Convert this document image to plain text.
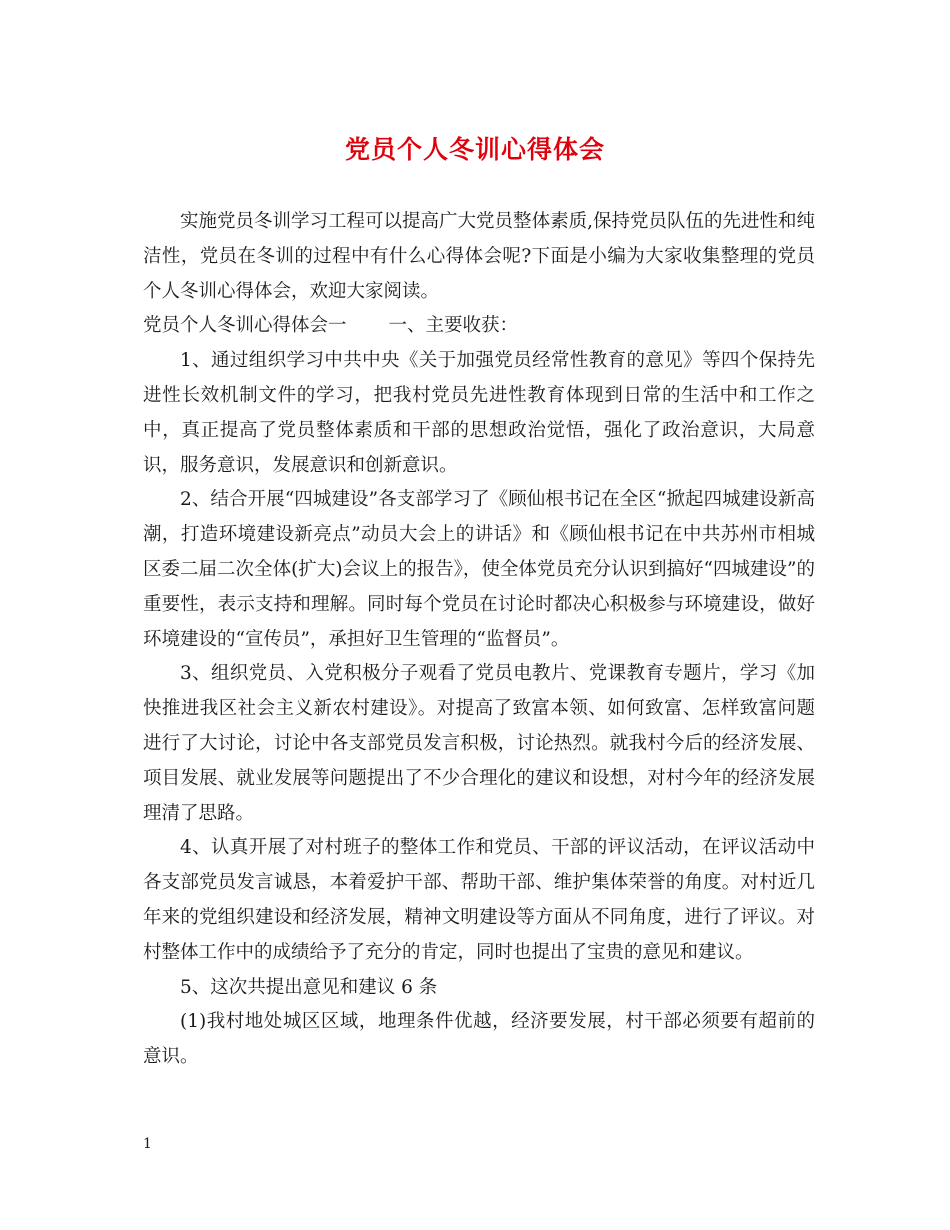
党员个人冬训心得体会

实施党员冬训学习工程可以提高广大党员整体素质,保持党员队伍的先进性和纯洁性，党员在冬训的过程中有什么心得体会呢?下面是小编为大家收集整理的党员个人冬训心得体会，欢迎大家阅读。

党员个人冬训心得体会一 一、主要收获：

1、通过组织学习中共中央《关于加强党员经常性教育的意见》等四个保持先进性长效机制文件的学习，把我村党员先进性教育体现到日常的生活中和工作之中，真正提高了党员整体素质和干部的思想政治觉悟，强化了政治意识，大局意识，服务意识，发展意识和创新意识。

2、结合开展“四城建设”各支部学习了《顾仙根书记在全区“掀起四城建设新高潮，打造环境建设新亮点”动员大会上的讲话》和《顾仙根书记在中共苏州市相城区委二届二次全体(扩大)会议上的报告》，使全体党员充分认识到搞好“四城建设”的重要性，表示支持和理解。同时每个党员在讨论时都决心积极参与环境建设，做好环境建设的“宣传员”，承担好卫生管理的“监督员”。

3、组织党员、入党积极分子观看了党员电教片、党课教育专题片，学习《加快推进我区社会主义新农村建设》。对提高了致富本领、如何致富、怎样致富问题进行了大讨论，讨论中各支部党员发言积极，讨论热烈。就我村今后的经济发展、项目发展、就业发展等问题提出了不少合理化的建议和设想，对村今年的经济发展理清了思路。

4、认真开展了对村班子的整体工作和党员、干部的评议活动，在评议活动中各支部党员发言诚恳，本着爱护干部、帮助干部、维护集体荣誉的角度。对村近几年来的党组织建设和经济发展，精神文明建设等方面从不同角度，进行了评议。对村整体工作中的成绩给予了充分的肯定，同时也提出了宝贵的意见和建议。

5、这次共提出意见和建议 6 条

(1)我村地处城区区域，地理条件优越，经济要发展，村干部必须要有超前的意识。

1
